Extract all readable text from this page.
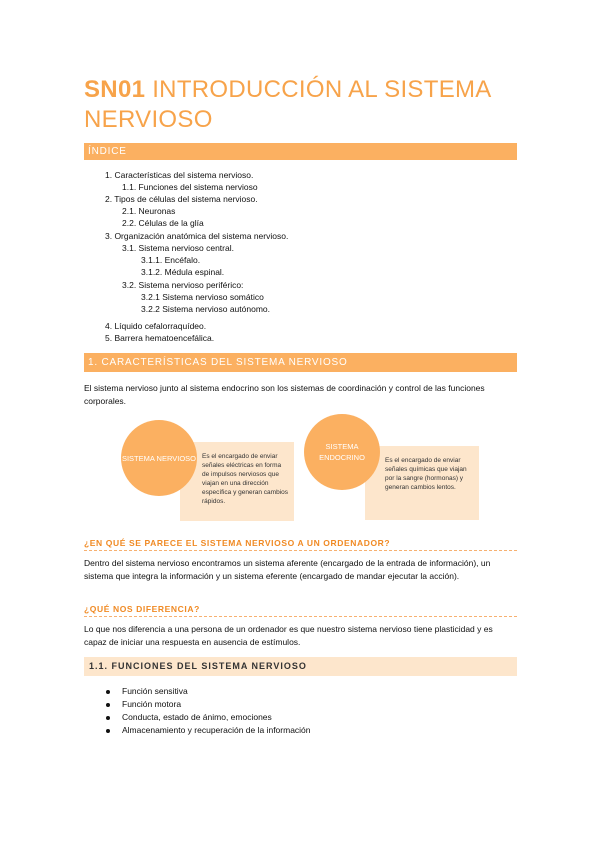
SN01 INTRODUCCIÓN AL SISTEMA NERVIOSO
ÍNDICE
1. Características del sistema nervioso.
1.1. Funciones del sistema nervioso
2. Tipos de células del sistema nervioso.
2.1. Neuronas
2.2. Células de la glía
3. Organización anatómica del sistema nervioso.
3.1. Sistema nervioso central.
3.1.1. Encéfalo.
3.1.2. Médula espinal.
3.2. Sistema nervioso periférico:
3.2.1 Sistema nervioso somático
3.2.2 Sistema nervioso autónomo.
4. Líquido cefalorraquídeo.
5. Barrera hematoencefálica.
1. CARACTERÍSTICAS DEL SISTEMA NERVIOSO
El sistema nervioso junto al sistema endocrino son los sistemas de coordinación y control de las funciones corporales.
Es el encargado de enviar señales eléctricas en forma de impulsos nerviosos que viajan en una dirección específica y generan cambios rápidos.
SISTEMA NERVIOSO	Es el encargado de enviar señales químicas que viajan por la sangre (hormonas) y generan cambios lentos.
SISTEMA ENDOCRINO
¿EN QUÉ SE PARECE EL SISTEMA NERVIOSO A UN ORDENADOR?
Dentro del sistema nervioso encontramos un sistema aferente (encargado de la entrada de información), un sistema que integra la información y un sistema eferente (encargado de mandar ejecutar la acción).
¿QUÉ NOS DIFERENCIA?
Lo que nos diferencia a una persona de un ordenador es que nuestro sistema nervioso tiene plasticidad y es capaz de iniciar una respuesta en ausencia de estímulos.
1.1. FUNCIONES DEL SISTEMA NERVIOSO
Función sensitiva
Función motora
Conducta, estado de ánimo, emociones
Almacenamiento y recuperación de la información
